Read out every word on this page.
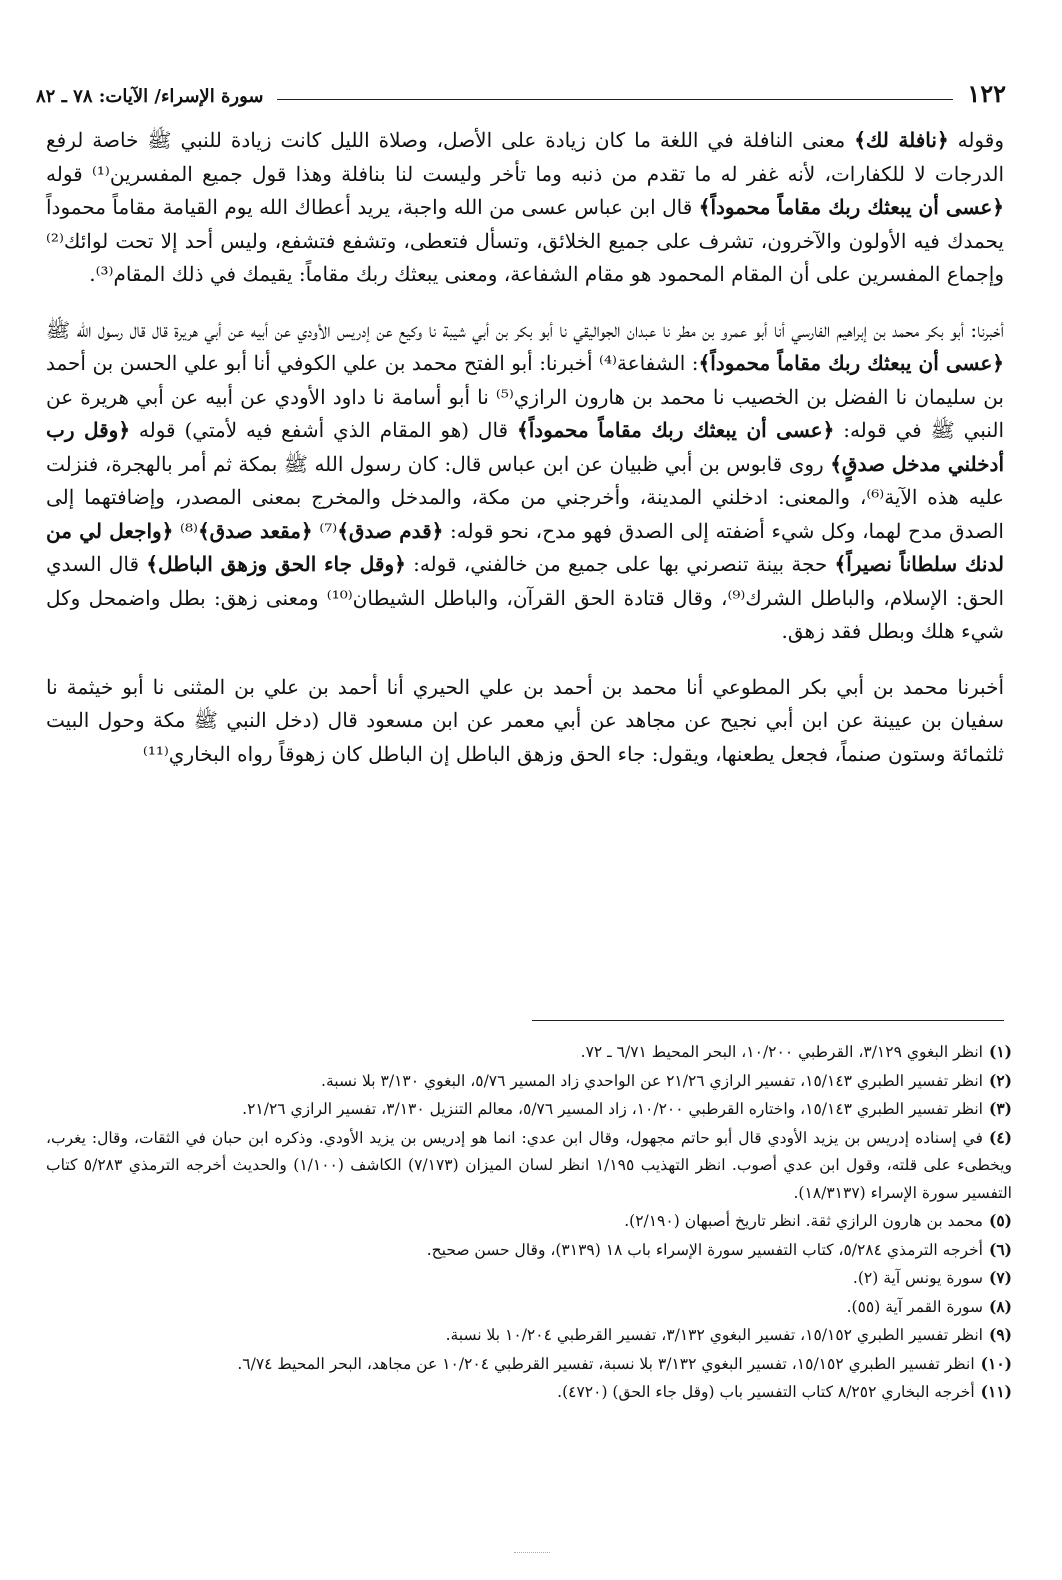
١٢٢
سورة الإسراء/ الآيات: ٧٨ ـ ٨٢

وقوله ﴿نافلة لك﴾ معنى النافلة في اللغة ما كان زيادة على الأصل، وصلاة الليل كانت زيادة للنبي ﷺ خاصة لرفع الدرجات لا للكفارات، لأنه غفر له ما تقدم من ذنبه وما تأخر وليست لنا بنافلة وهذا قول جميع المفسرين⁽¹⁾ قوله ﴿عسى أن يبعثك ربك مقاماً محموداً﴾ قال ابن عباس عسى من الله واجبة، يريد أعطاك الله يوم القيامة مقاماً محموداً يحمدك فيه الأولون والآخرون، تشرف على جميع الخلائق، وتسأل فتعطى، وتشفع فتشفع، وليس أحد إلا تحت لوائك⁽²⁾ وإجماع المفسرين على أن المقام المحمود هو مقام الشفاعة، ومعنى يبعثك ربك مقاماً: يقيمك في ذلك المقام⁽³⁾.

أخبرنا: أبو بكر محمد بن إبراهيم الفارسي أنا أبو عمرو بن مطر نا عبدان الجواليقي نا أبو بكر بن أبي شيبة نا وكيع عن إدريس الأودي عن أبيه عن أبي هريرة قال قال رسول الله ﷺ ﴿عسى أن يبعثك ربك مقاماً محموداً﴾: الشفاعة⁽⁴⁾ أخبرنا: أبو الفتح محمد بن علي الكوفي أنا أبو علي الحسن بن أحمد بن سليمان نا الفضل بن الخصيب نا محمد بن هارون الرازي⁽⁵⁾ نا أبو أسامة نا داود الأودي عن أبيه عن أبي هريرة عن النبي ﷺ في قوله: ﴿عسى أن يبعثك ربك مقاماً محموداً﴾ قال (هو المقام الذي أشفع فيه لأمتي) قوله ﴿وقل رب أدخلني مدخل صدقٍ﴾ روى قابوس بن أبي ظبيان عن ابن عباس قال: كان رسول الله ﷺ بمكة ثم أمر بالهجرة، فنزلت عليه هذه الآية⁽⁶⁾، والمعنى: ادخلني المدينة، وأخرجني من مكة، والمدخل والمخرج بمعنى المصدر، وإضافتهما إلى الصدق مدح لهما، وكل شيء أضفته إلى الصدق فهو مدح، نحو قوله: ﴿قدم صدق﴾⁽⁷⁾ ﴿مقعد صدق﴾⁽⁸⁾ ﴿واجعل لي من لدنك سلطاناً نصيراً﴾ حجة بينة تنصرني بها على جميع من خالفني، قوله: ﴿وقل جاء الحق وزهق الباطل﴾ قال السدي الحق: الإسلام، والباطل الشرك⁽⁹⁾، وقال قتادة الحق القرآن، والباطل الشيطان⁽¹⁰⁾ ومعنى زهق: بطل واضمحل وكل شيء هلك وبطل فقد زهق.

أخبرنا محمد بن أبي بكر المطوعي أنا محمد بن أحمد بن علي الحيري أنا أحمد بن علي بن المثنى نا أبو خيثمة نا سفيان بن عيينة عن ابن أبي نجيح عن مجاهد عن أبي معمر عن ابن مسعود قال (دخل النبي ﷺ مكة وحول البيت ثلثمائة وستون صنماً، فجعل يطعنها، ويقول: جاء الحق وزهق الباطل إن الباطل كان زهوقاً رواه البخاري⁽¹¹⁾

(١)انظر البغوي ٣/١٢٩، القرطبي ١٠/٢٠٠، البحر المحيط ٦/٧١ ـ ٧٢.

(٢)انظر تفسير الطبري ١٥/١٤٣، تفسير الرازي ٢١/٢٦ عن الواحدي زاد المسير ٥/٧٦، البغوي ٣/١٣٠ بلا نسبة.

(٣)انظر تفسير الطبري ١٥/١٤٣، واختاره القرطبي ١٠/٢٠٠، زاد المسير ٥/٧٦، معالم التنزيل ٣/١٣٠، تفسير الرازي ٢١/٢٦.

(٤)في إسناده إدريس بن يزيد الأودي قال أبو حاتم مجهول، وقال ابن عدي: انما هو إدريس بن يزيد الأودي. وذكره ابن حبان في الثقات، وقال: يغرب، ويخطىء على قلته، وقول ابن عدي أصوب. انظر التهذيب ١/١٩٥ انظر لسان الميزان (٧/١٧٣) الكاشف (١/١٠٠) والحديث أخرجه الترمذي ٥/٢٨٣ كتاب التفسير سورة الإسراء (١٨/٣١٣٧).

(٥)محمد بن هارون الرازي ثقة. انظر تاريخ أصبهان (٢/١٩٠).

(٦)أخرجه الترمذي ٥/٢٨٤، كتاب التفسير سورة الإسراء باب ١٨ (٣١٣٩)، وقال حسن صحيح.

(٧)سورة يونس آية (٢).

(٨)سورة القمر آية (٥٥).

(٩)انظر تفسير الطبري ١٥/١٥٢، تفسير البغوي ٣/١٣٢، تفسير القرطبي ١٠/٢٠٤ بلا نسبة.

(١٠)انظر تفسير الطبري ١٥/١٥٢، تفسير البغوي ٣/١٣٢ بلا نسبة، تفسير القرطبي ١٠/٢٠٤ عن مجاهد، البحر المحيط ٦/٧٤.

(١١)أخرجه البخاري ٨/٢٥٢ كتاب التفسير باب (وقل جاء الحق) (٤٧٢٠).
